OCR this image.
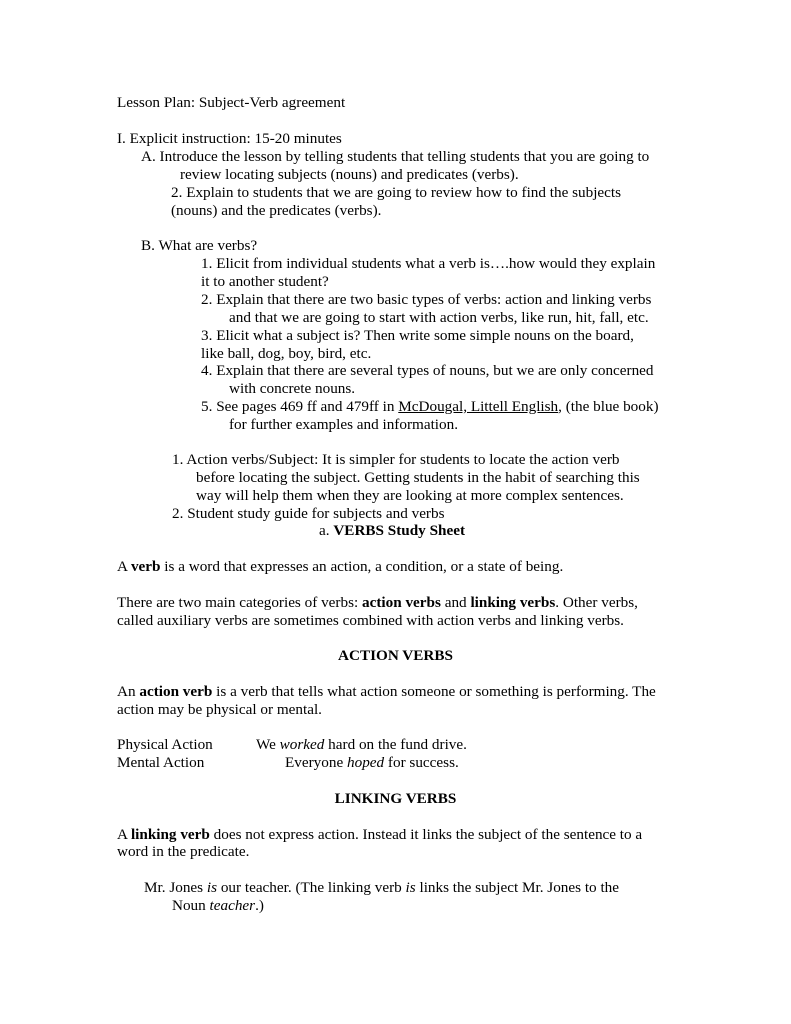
Lesson Plan: Subject-Verb agreement
I. Explicit instruction: 15-20 minutes
A. Introduce the lesson by telling students that telling students that you are going to
review locating subjects (nouns) and predicates (verbs).
2. Explain to students that we are going to review how to find the subjects
(nouns) and the predicates (verbs).
B. What are verbs?
1. Elicit from individual students what a verb is….how would they explain
it to another student?
2. Explain that there are two basic types of verbs: action and linking verbs
and that we are going to start with action verbs, like run, hit, fall, etc.
3. Elicit what a subject is? Then write some simple nouns on the board,
like ball, dog, boy, bird, etc.
4. Explain that there are several types of nouns, but we are only concerned
with concrete nouns.
5. See pages 469 ff and 479ff in McDougal, Littell English, (the blue book)
for further examples and information.
1. Action verbs/Subject: It is simpler for students to locate the action verb
before locating the subject. Getting students in the habit of searching this
way will help them when they are looking at more complex sentences.
2. Student study guide for subjects and verbs
a. VERBS Study Sheet
A verb is a word that expresses an action, a condition, or a state of being.
There are two main categories of verbs: action verbs and linking verbs. Other verbs,
called auxiliary verbs are sometimes combined with action verbs and linking verbs.
ACTION VERBS
An action verb is a verb that tells what action someone or something is performing. The
action may be physical or mental.
Physical Action	We worked hard on the fund drive.
Mental Action	Everyone hoped for success.
LINKING VERBS
A linking verb does not express action. Instead it links the subject of the sentence to a
word in the predicate.
Mr. Jones is our teacher. (The linking verb is links the subject Mr. Jones to the
Noun teacher.)
